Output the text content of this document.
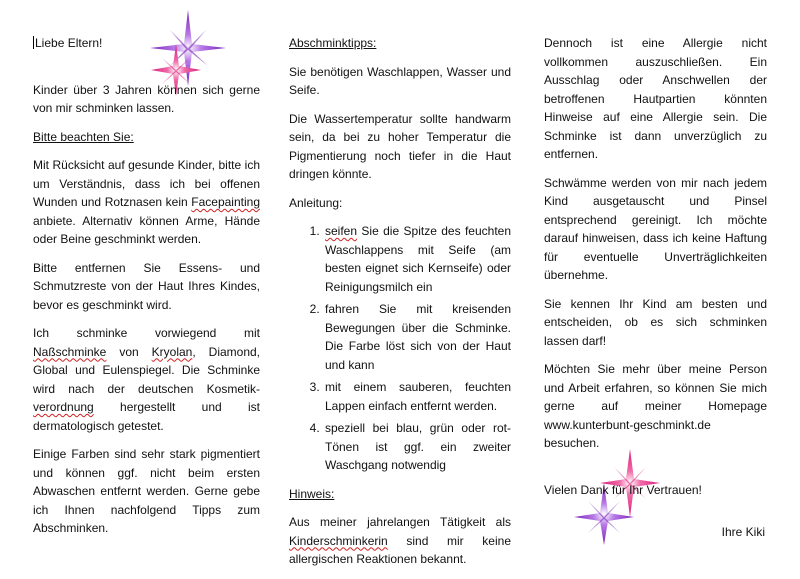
Liebe Eltern!

Kinder über 3 Jahren können sich gerne von mir schminken lassen.

Bitte beachten Sie:

Mit Rücksicht auf gesunde Kinder, bitte ich um Verständnis, dass ich bei offenen Wunden und Rotznasen kein Facepainting anbiete. Alternativ können Arme, Hände oder Beine geschminkt werden.

Bitte entfernen Sie Essens- und Schmutzreste von der Haut Ihres Kindes, bevor es geschminkt wird.

Ich schminke vorwiegend mit Naßschminke von Kryolan, Diamond, Global und Eulenspiegel. Die Schminke wird nach der deutschen Kosmetik-verordnung hergestellt und ist dermatologisch getestet.

Einige Farben sind sehr stark pigmentiert und können ggf. nicht beim ersten Abwaschen entfernt werden. Gerne gebe ich Ihnen nachfolgend Tipps zum Abschminken.

Abschminktipps:

Sie benötigen Waschlappen, Wasser und Seife.

Die Wassertemperatur sollte handwarm sein, da bei zu hoher Temperatur die Pigmentierung noch tiefer in die Haut dringen könnte.

Anleitung:

1. seifen Sie die Spitze des feuchten Waschlappens mit Seife (am besten eignet sich Kernseife) oder Reinigungsmilch ein
2. fahren Sie mit kreisenden Bewegungen über die Schminke. Die Farbe löst sich von der Haut und kann
3. mit einem sauberen, feuchten Lappen einfach entfernt werden.
4. speziell bei blau, grün oder rot-Tönen ist ggf. ein zweiter Waschgang notwendig

Hinweis:

Aus meiner jahrelangen Tätigkeit als Kinderschminkerin sind mir keine allergischen Reaktionen bekannt.

Dennoch ist eine Allergie nicht vollkommen auszuschließen. Ein Ausschlag oder Anschwellen der betroffenen Hautpartien könnten Hinweise auf eine Allergie sein. Die Schminke ist dann unverzüglich zu entfernen.

Schwämme werden von mir nach jedem Kind ausgetauscht und Pinsel entsprechend gereinigt. Ich möchte darauf hinweisen, dass ich keine Haftung für eventuelle Unverträglichkeiten übernehme.

Sie kennen Ihr Kind am besten und entscheiden, ob es sich schminken lassen darf!

Möchten Sie mehr über meine Person und Arbeit erfahren, so können Sie mich gerne auf meiner Homepage www.kunterbunt-geschminkt.de besuchen.

Vielen Dank für Ihr Vertrauen!

Ihre Kiki
